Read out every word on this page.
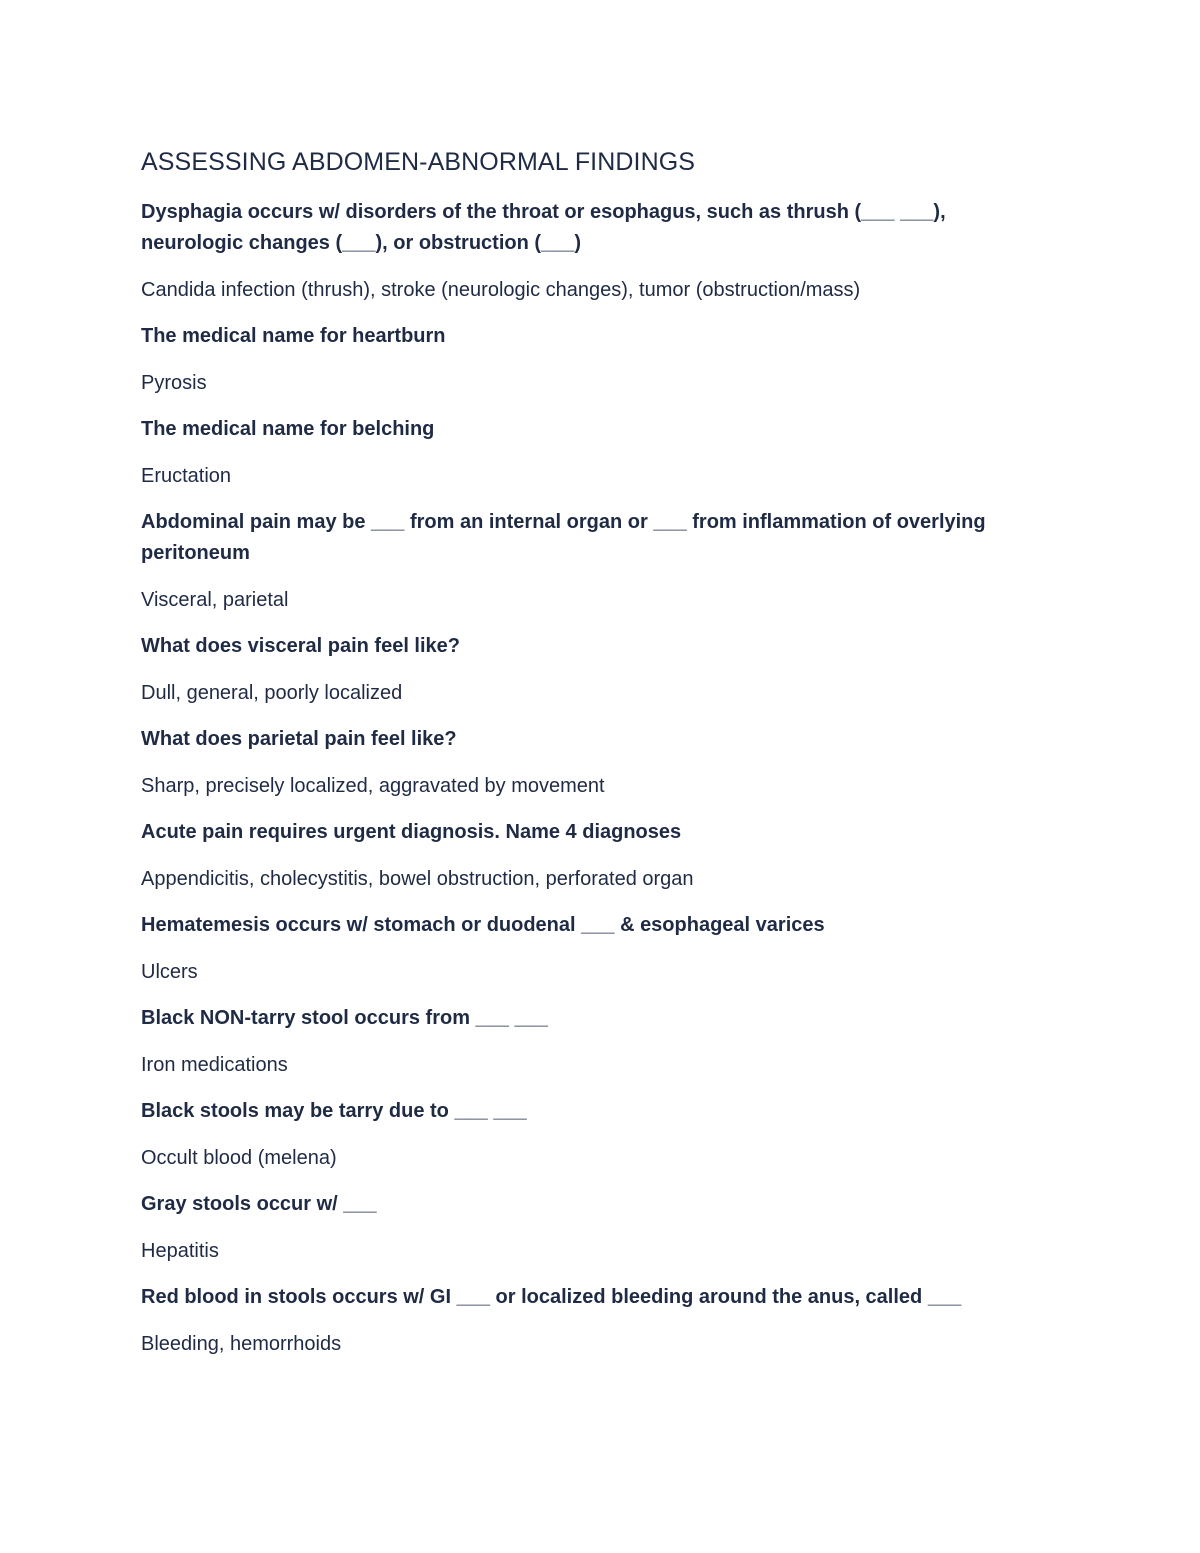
ASSESSING ABDOMEN-ABNORMAL FINDINGS

Dysphagia occurs w/ disorders of the throat or esophagus, such as thrush (___ ___), neurologic changes (___), or obstruction (___)

Candida infection (thrush), stroke (neurologic changes), tumor (obstruction/mass)

The medical name for heartburn

Pyrosis

The medical name for belching

Eructation

Abdominal pain may be ___ from an internal organ or ___ from inflammation of overlying peritoneum

Visceral, parietal

What does visceral pain feel like?

Dull, general, poorly localized

What does parietal pain feel like?

Sharp, precisely localized, aggravated by movement

Acute pain requires urgent diagnosis. Name 4 diagnoses

Appendicitis, cholecystitis, bowel obstruction, perforated organ

Hematemesis occurs w/ stomach or duodenal ___ & esophageal varices

Ulcers

Black NON-tarry stool occurs from ___ ___

Iron medications

Black stools may be tarry due to ___ ___

Occult blood (melena)

Gray stools occur w/ ___

Hepatitis

Red blood in stools occurs w/ GI ___ or localized bleeding around the anus, called ___

Bleeding, hemorrhoids
